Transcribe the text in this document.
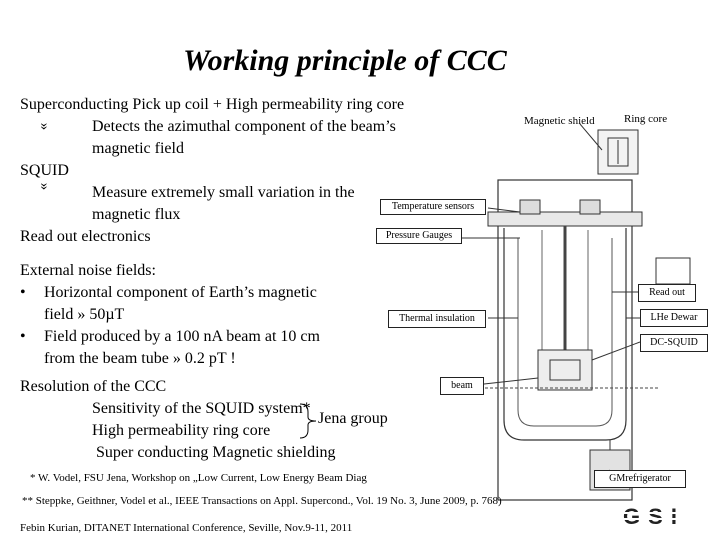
Working principle of CCC
Superconducting Pick up coil + High permeability ring core
» Detects the azimuthal component of the beam’s
magnetic field
SQUID
» Measure extremely small variation in the
magnetic flux
Read out electronics
External noise fields:
• Horizontal component of Earth’s magnetic
field » 50µT
• Field produced by a 100 nA beam at 10 cm
from the beam tube » 0.2 pT !
Resolution of the CCC
Sensitivity of the SQUID system*
High permeability ring core
Super conducting Magnetic shielding
Jena group
Magnetic shield	Ring core
Temperature sensors
Pressure Gauges
Read out
LHe Dewar
DC-SQUID
Thermal insulation
beam
GMrefrigerator
* W. Vodel, FSU Jena, Workshop on „Low Current, Low Energy Beam Diag
** Steppke, Geithner, Vodel et al., IEEE Transactions on Appl. Supercond., Vol. 19 No. 3, June 2009, p. 768)
Febin Kurian, DITANET International Conference, Seville, Nov.9-11, 2011	GSI
